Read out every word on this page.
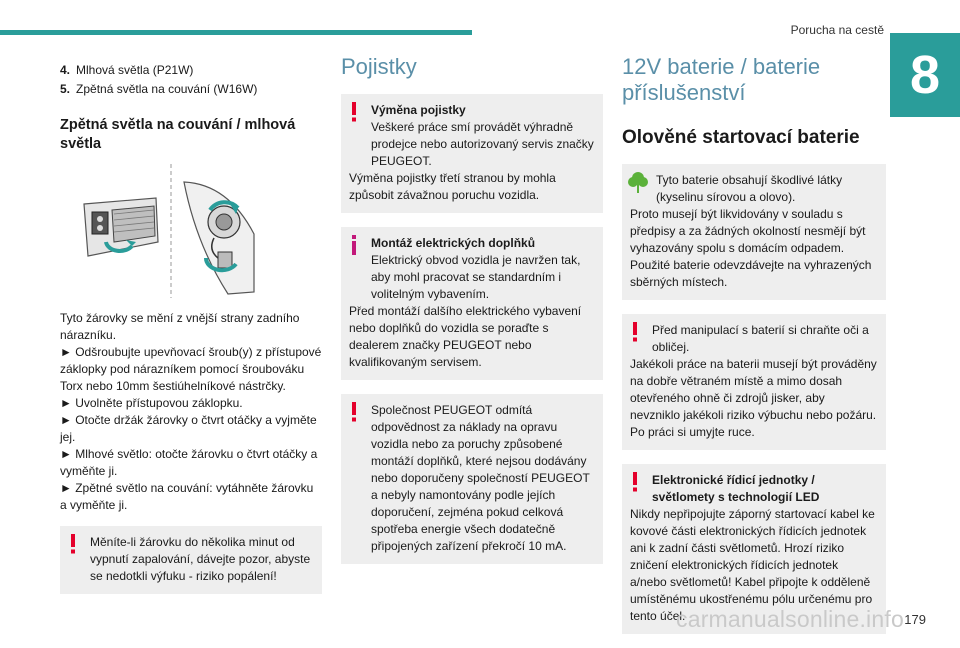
Porucha na cestě
8
4. Mlhová světla (P21W)
5. Zpětná světla na couvání (W16W)
Zpětná světla na couvání / mlhová světla

Tyto žárovky se mění z vnější strany zadního nárazníku.

► Odšroubujte upevňovací šroub(y) z přístupové záklopky pod nárazníkem pomocí šroubováku Torx nebo 10mm šestiúhelníkové nástrčky.

► Uvolněte přístupovou záklopku.

► Otočte držák žárovky o čtvrt otáčky a vyjměte jej.

► Mlhové světlo: otočte žárovku o čtvrt otáčky a vyměňte ji.

► Zpětné světlo na couvání: vytáhněte žárovku a vyměňte ji.

Měníte-li žárovku do několika minut od vypnutí zapalování, dávejte pozor, abyste se nedotkli výfuku - riziko popálení!

Pojistky

Výměna pojistky

Veškeré práce smí provádět výhradně prodejce nebo autorizovaný servis značky PEUGEOT.

Výměna pojistky třetí stranou by mohla způsobit závažnou poruchu vozidla.

Montáž elektrických doplňků

Elektrický obvod vozidla je navržen tak, aby mohl pracovat se standardním i volitelným vybavením.

Před montáží dalšího elektrického vybavení nebo doplňků do vozidla se poraďte s dealerem značky PEUGEOT nebo kvalifikovaným servisem.

Společnost PEUGEOT odmítá odpovědnost za náklady na opravu vozidla nebo za poruchy způsobené montáží doplňků, které nejsou dodávány nebo doporučeny společností PEUGEOT a nebyly namontovány podle jejích doporučení, zejména pokud celková spotřeba energie všech dodatečně připojených zařízení překročí 10 mA.

12V baterie / baterie příslušenství
Olověné startovací baterie

Tyto baterie obsahují škodlivé látky (kyselinu sírovou a olovo).

Proto musejí být likvidovány v souladu s předpisy a za žádných okolností nesmějí být vyhazovány spolu s domácím odpadem. Použité baterie odevzdávejte na vyhrazených sběrných místech.

Před manipulací s baterií si chraňte oči a obličej.

Jakékoli práce na baterii musejí být prováděny na dobře větraném místě a mimo dosah otevřeného ohně či zdrojů jisker, aby nevzniklo jakékoli riziko výbuchu nebo požáru. Po práci si umyjte ruce.

Elektronické řídicí jednotky / světlomety s technologií LED

Nikdy nepřipojujte záporný startovací kabel ke kovové části elektronických řídicích jednotek ani k zadní části světlometů. Hrozí riziko zničení elektronických řídicích jednotek a/nebo světlometů! Kabel připojte k odděleně umístěnému ukostřenému pólu určenému pro tento účel.

carmanualsonline.info 179
